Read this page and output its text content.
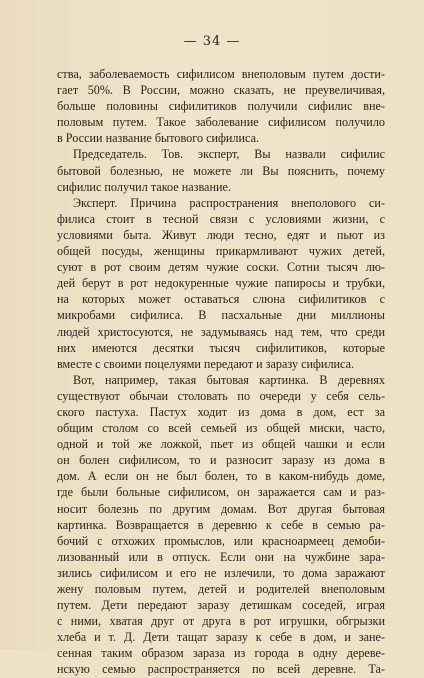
— 34 —
ства, заболеваемость сифилисом внеполовым путем дости-
гает 50%. В России, можно сказать, не преувеличивая,
больше половины сифилитиков получили сифилис вне-
половым путем. Такое заболевание сифилисом получило
в России название бытового сифилиса.
Председатель. Тов. эксперт, Вы назвали сифилис
бытовой болезнью, не можете ли Вы пояснить, почему
сифилис получил такое название.
Эксперт. Причина распространения внеполового си-
филиса стоит в тесной связи с условиями жизни, с
условиями быта. Живут люди тесно, едят и пьют из
общей посуды, женщины прикармливают чужих детей,
суют в рот своим детям чужие соски. Сотни тысяч лю-
дей берут в рот недокуренные чужие папиросы и трубки,
на которых может оставаться слюна сифилитиков с
микробами сифилиса. В пасхальные дни миллионы
людей христосуются, не задумываясь над тем, что среди
них имеются десятки тысяч сифилитиков, которые
вместе с своими поцелуями передают и заразу сифилиса.
Вот, например, такая бытовая картинка. В деревнях
существуют обычаи столовать по очереди у себя сель-
ского пастуха. Пастух ходит из дома в дом, ест за
общим столом со всей семьей из общей миски, часто,
одной и той же ложкой, пьет из общей чашки и если
он болен сифилисом, то и разносит заразу из дома в
дом. А если он не был болен, то в каком-нибудь доме,
где были больные сифилисом, он заражается сам и раз-
носит болезнь по другим домам. Вот другая бытовая
картинка. Возвращается в деревню к себе в семью ра-
бочий с отхожих промыслов, или красноармеец демоби-
лизованный или в отпуск. Если они на чужбине зара-
зились сифилисом и его не излечили, то дома заражают
жену половым путем, детей и родителей внеполовым
путем. Дети передают заразу детишкам соседей, играя
с ними, хватая друг от друга в рот игрушки, обгрызки
хлеба и т. Д. Дети тащат заразу к себе в дом, и зане-
сенная таким образом зараза из города в одну дереве-
нскую семью распространяется по всей деревне. Та-
